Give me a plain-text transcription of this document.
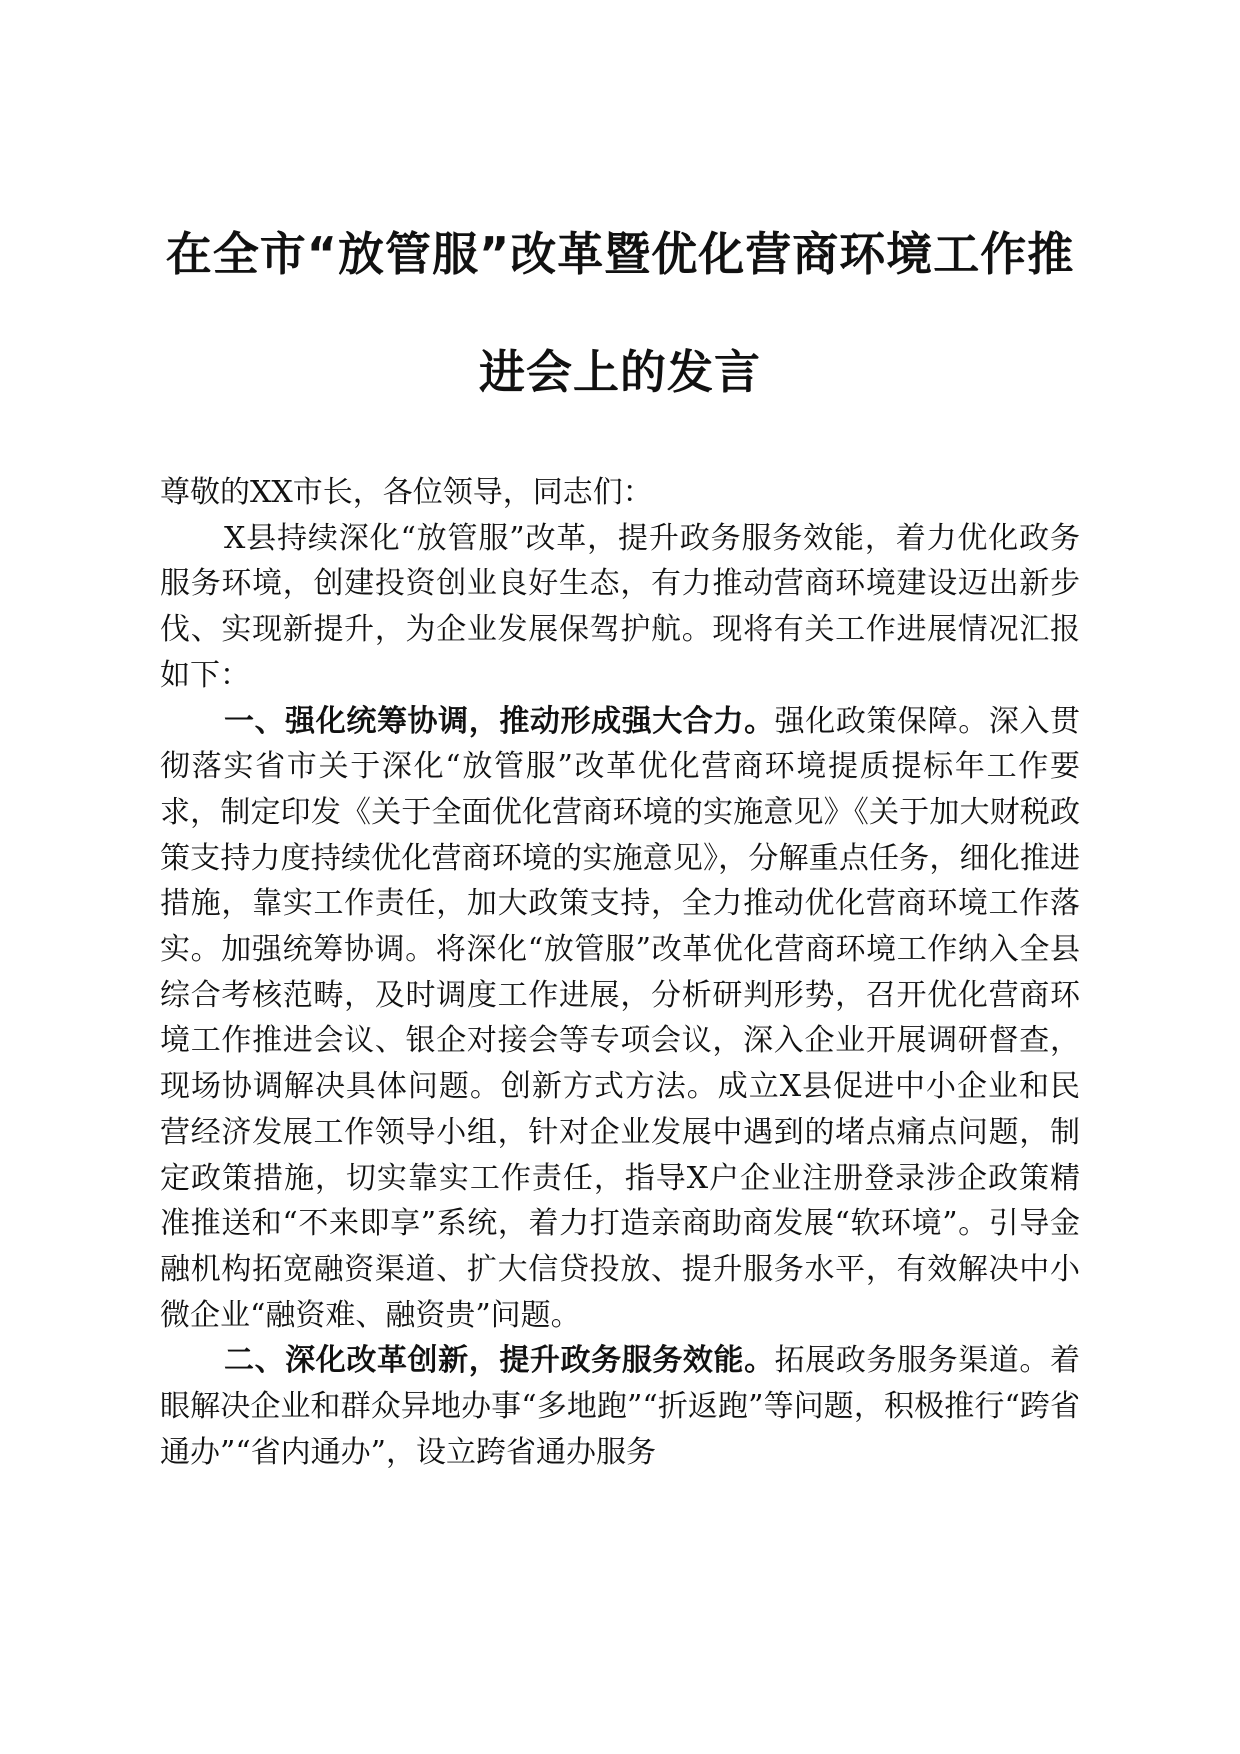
在全市“放管服”改革暨优化营商环境工作推
进会上的发言

尊敬的XX市长，各位领导，同志们：

X县持续深化“放管服”改革，提升政务服务效能，着力优化政务服务环境，创建投资创业良好生态，有力推动营商环境建设迈出新步伐、实现新提升，为企业发展保驾护航。现将有关工作进展情况汇报如下：

一、强化统筹协调，推动形成强大合力。强化政策保障。深入贯彻落实省市关于深化“放管服”改革优化营商环境提质提标年工作要求，制定印发《关于全面优化营商环境的实施意见》《关于加大财税政策支持力度持续优化营商环境的实施意见》，分解重点任务，细化推进措施，靠实工作责任，加大政策支持，全力推动优化营商环境工作落实。加强统筹协调。将深化“放管服”改革优化营商环境工作纳入全县综合考核范畴，及时调度工作进展，分析研判形势，召开优化营商环境工作推进会议、银企对接会等专项会议，深入企业开展调研督查，现场协调解决具体问题。创新方式方法。成立X县促进中小企业和民营经济发展工作领导小组，针对企业发展中遇到的堵点痛点问题，制定政策措施，切实靠实工作责任，指导X户企业注册登录涉企政策精准推送和“不来即享”系统，着力打造亲商助商发展“软环境”。引导金融机构拓宽融资渠道、扩大信贷投放、提升服务水平，有效解决中小微企业“融资难、融资贵”问题。

二、深化改革创新，提升政务服务效能。拓展政务服务渠道。着眼解决企业和群众异地办事“多地跑”“折返跑”等问题，积极推行“跨省通办”“省内通办”，设立跨省通办服务
